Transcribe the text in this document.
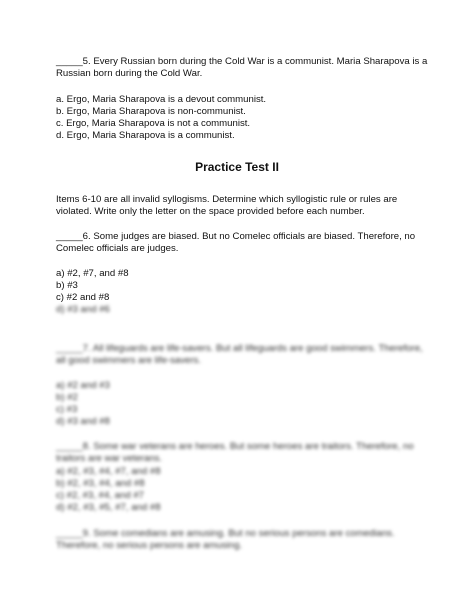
_____5. Every Russian born during the Cold War is a communist. Maria Sharapova is a
Russian born during the Cold War.
a. Ergo, Maria Sharapova is a devout communist.
b. Ergo, Maria Sharapova is non-communist.
c. Ergo, Maria Sharapova is not a communist.
d. Ergo, Maria Sharapova is a communist.
Practice Test II
Items 6-10 are all invalid syllogisms. Determine which syllogistic rule or rules are
violated. Write only the letter on the space provided before each number.
_____6. Some judges are biased. But no Comelec officials are biased. Therefore, no
Comelec officials are judges.
a) #2, #7, and #8
b) #3
c) #2 and #8
d) #3 and #6
_____7. All lifeguards are life-savers. But all lifeguards are good swimmers. Therefore,
all good swimmers are life-savers.
a) #2 and #3
b) #2
c) #3
d) #3 and #8
_____8. Some war veterans are heroes. But some heroes are traitors. Therefore, no
traitors are war veterans.
a) #2, #3, #4, #7, and #8
b) #2, #3, #4, and #8
c) #2, #3, #4, and #7
d) #2, #3, #5, #7, and #8
_____9. Some comedians are amusing. But no serious persons are comedians.
Therefore, no serious persons are amusing.
